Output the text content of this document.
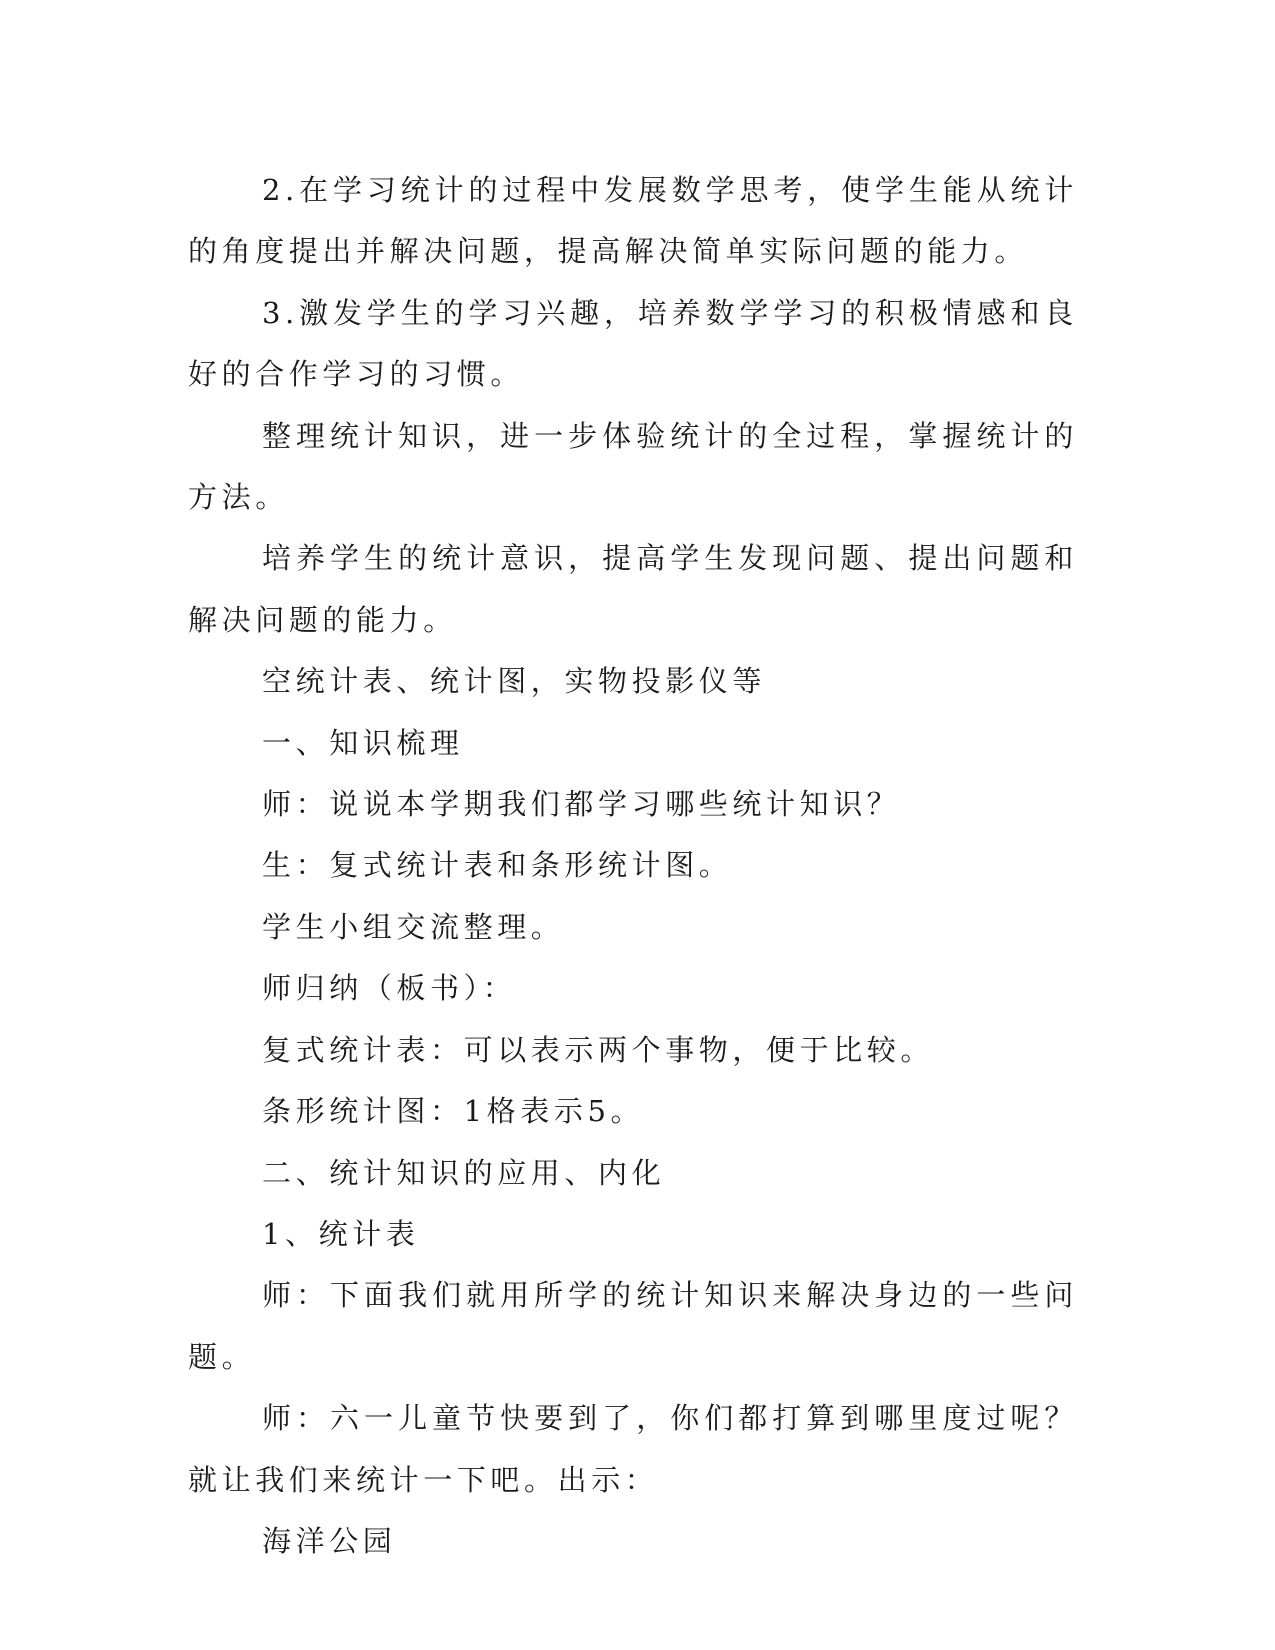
2.在学习统计的过程中发展数学思考，使学生能从统计的角度提出并解决问题，提高解决简单实际问题的能力。

3.激发学生的学习兴趣，培养数学学习的积极情感和良好的合作学习的习惯。

整理统计知识，进一步体验统计的全过程，掌握统计的方法。

培养学生的统计意识，提高学生发现问题、提出问题和解决问题的能力。

空统计表、统计图，实物投影仪等

一、知识梳理

师：说说本学期我们都学习哪些统计知识？

生：复式统计表和条形统计图。

学生小组交流整理。

师归纳（板书）：

复式统计表：可以表示两个事物，便于比较。

条形统计图：1格表示5。

二、统计知识的应用、内化

1、统计表

师：下面我们就用所学的统计知识来解决身边的一些问题。

师：六一儿童节快要到了，你们都打算到哪里度过呢？就让我们来统计一下吧。出示：

海洋公园
